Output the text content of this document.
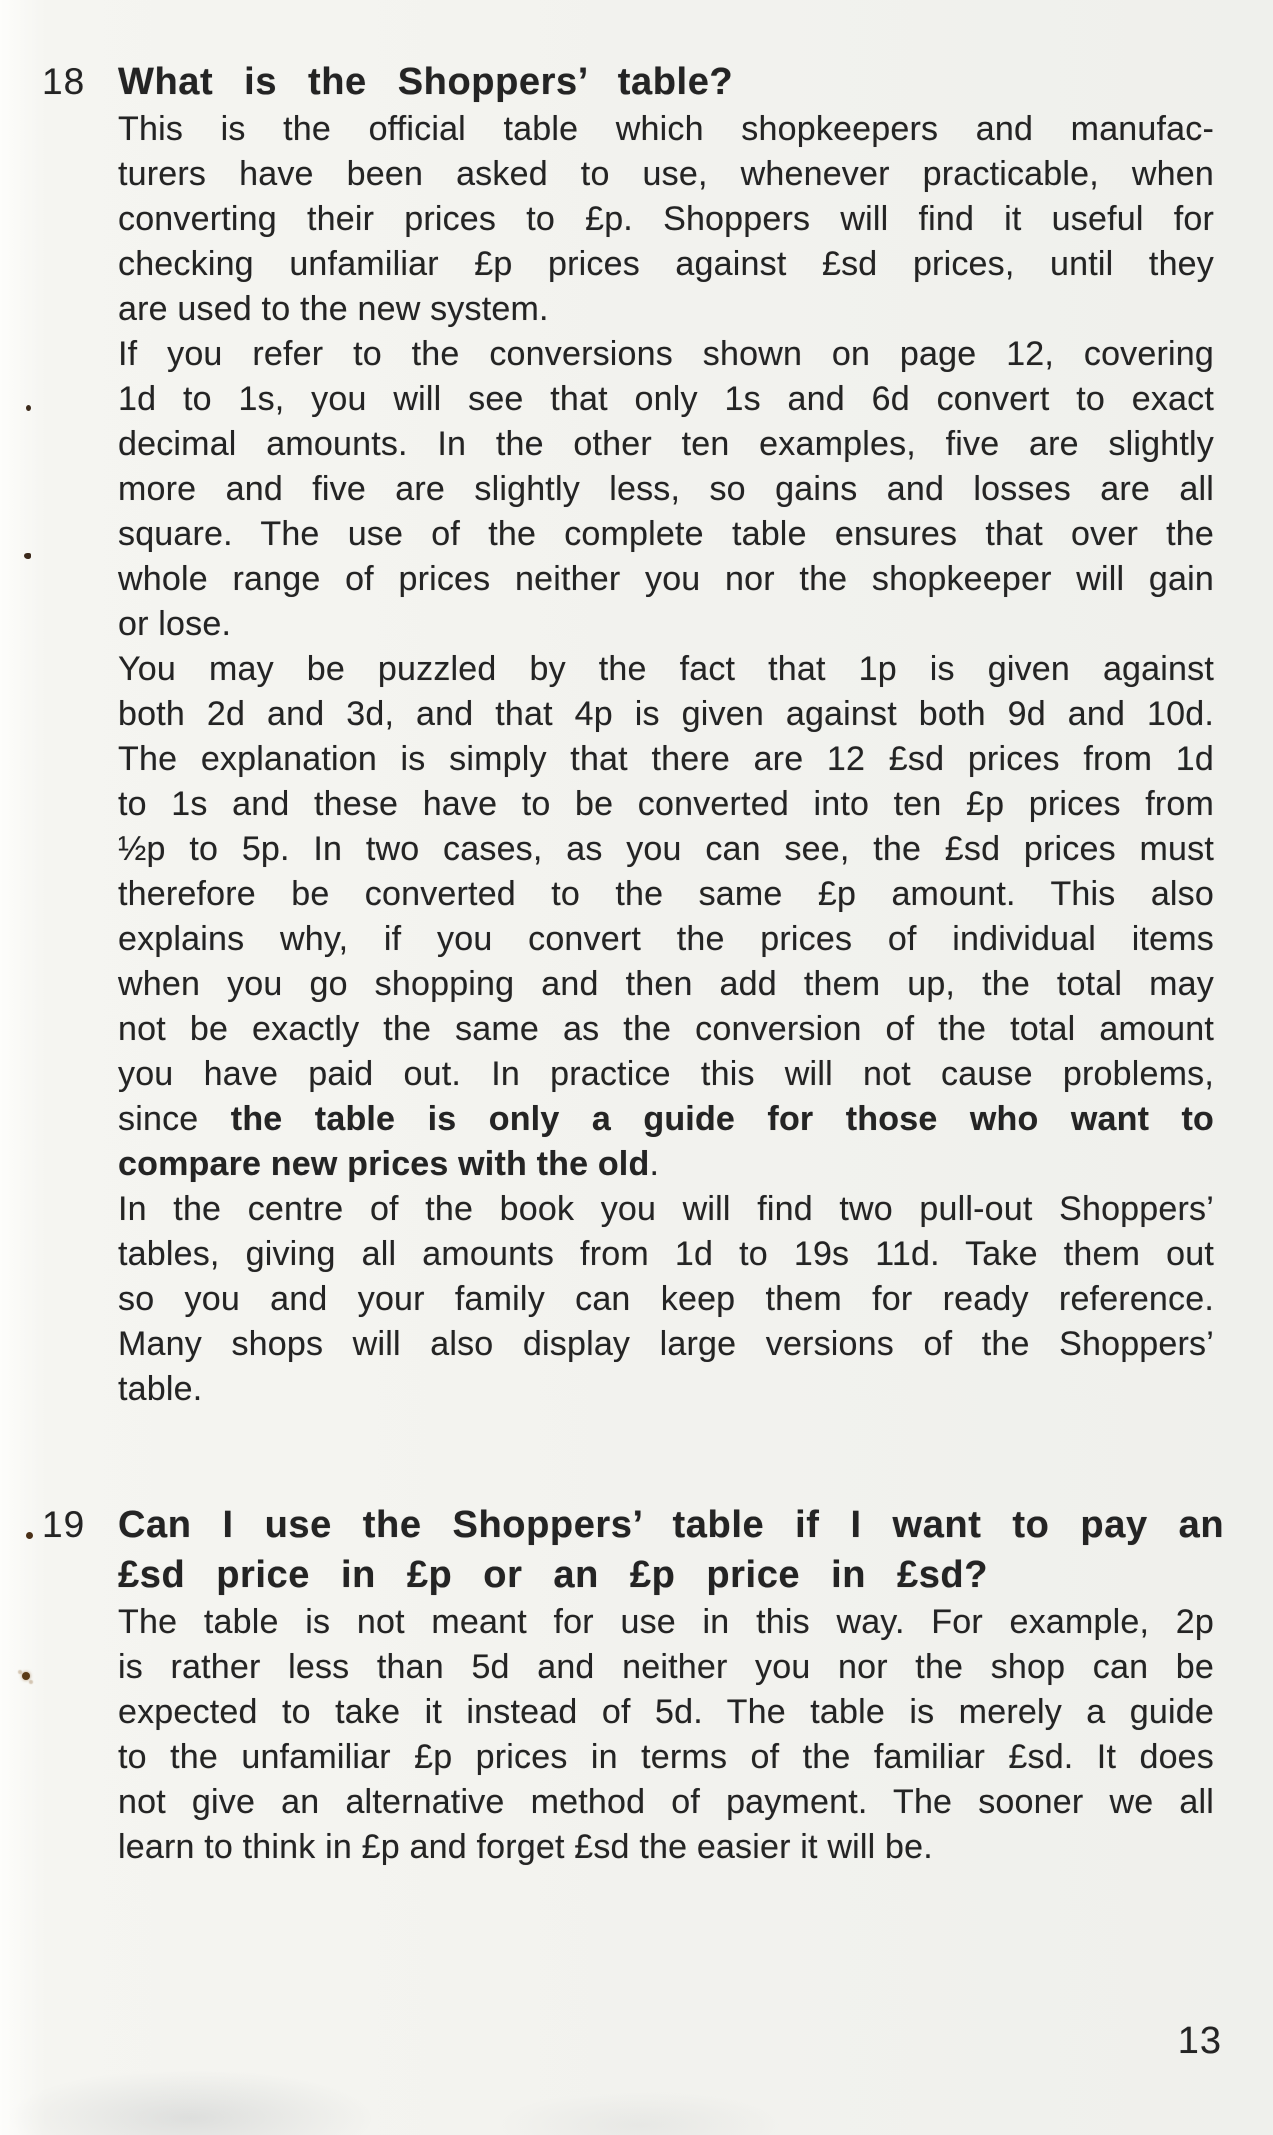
18 What is the Shoppers’ table?
This is the official table which shopkeepers and manufac-
turers have been asked to use, whenever practicable, when
converting their prices to £p. Shoppers will find it useful for
checking unfamiliar £p prices against £sd prices, until they
are used to the new system.
If you refer to the conversions shown on page 12, covering
1d to 1s, you will see that only 1s and 6d convert to exact
decimal amounts. In the other ten examples, five are slightly
more and five are slightly less, so gains and losses are all
square. The use of the complete table ensures that over the
whole range of prices neither you nor the shopkeeper will gain
or lose.
You may be puzzled by the fact that 1p is given against
both 2d and 3d, and that 4p is given against both 9d and 10d.
The explanation is simply that there are 12 £sd prices from 1d
to 1s and these have to be converted into ten £p prices from
½p to 5p. In two cases, as you can see, the £sd prices must
therefore be converted to the same £p amount. This also
explains why, if you convert the prices of individual items
when you go shopping and then add them up, the total may
not be exactly the same as the conversion of the total amount
you have paid out. In practice this will not cause problems,
since the table is only a guide for those who want to
compare new prices with the old.
In the centre of the book you will find two pull-out Shoppers’
tables, giving all amounts from 1d to 19s 11d. Take them out
so you and your family can keep them for ready reference.
Many shops will also display large versions of the Shoppers’
table.
19 Can I use the Shoppers’ table if I want to pay an
£sd price in £p or an £p price in £sd?
The table is not meant for use in this way. For example, 2p
is rather less than 5d and neither you nor the shop can be
expected to take it instead of 5d. The table is merely a guide
to the unfamiliar £p prices in terms of the familiar £sd. It does
not give an alternative method of payment. The sooner we all
learn to think in £p and forget £sd the easier it will be.
13
